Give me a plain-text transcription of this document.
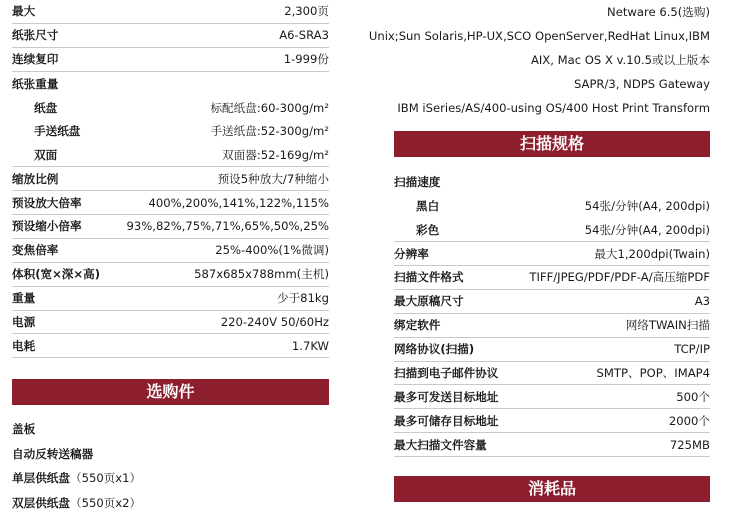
最大	2,300页
纸张尺寸	A6-SRA3
连续复印	1-999份
纸张重量
纸盘	标配纸盘:60-300g/m²
手送纸盘	手送纸盘:52-300g/m²
双面	双面器:52-169g/m²
缩放比例	预设5种放大/7种缩小
预设放大倍率	400%,200%,141%,122%,115%
预设缩小倍率	93%,82%,75%,71%,65%,50%,25%
变焦倍率	25%-400%(1%微调)
体积(宽×深×高)	587x685x788mm(主机)
重量	少于81kg
电源	220-240V 50/60Hz
电耗	1.7KW
选购件
盖板
自动反转送稿器
单层供纸盘（550页x1）
双层供纸盘（550页x2）
Netware 6.5(选购)
Unix;Sun Solaris,HP-UX,SCO OpenServer,RedHat Linux,IBM
AIX, Mac OS X v.10.5或以上版本
SAPR/3, NDPS Gateway
IBM iSeries/AS/400-using OS/400 Host Print Transform
扫描规格
扫描速度
黑白	54张/分钟(A4, 200dpi)
彩色	54张/分钟(A4, 200dpi)
分辨率	最大1,200dpi(Twain)
扫描文件格式	TIFF/JPEG/PDF/PDF-A/高压缩PDF
最大原稿尺寸	A3
绑定软件	网络TWAIN扫描
网络协议(扫描)	TCP/IP
扫描到电子邮件协议	SMTP、POP、IMAP4
最多可发送目标地址	500个
最多可储存目标地址	2000个
最大扫描文件容量	725MB
消耗品
